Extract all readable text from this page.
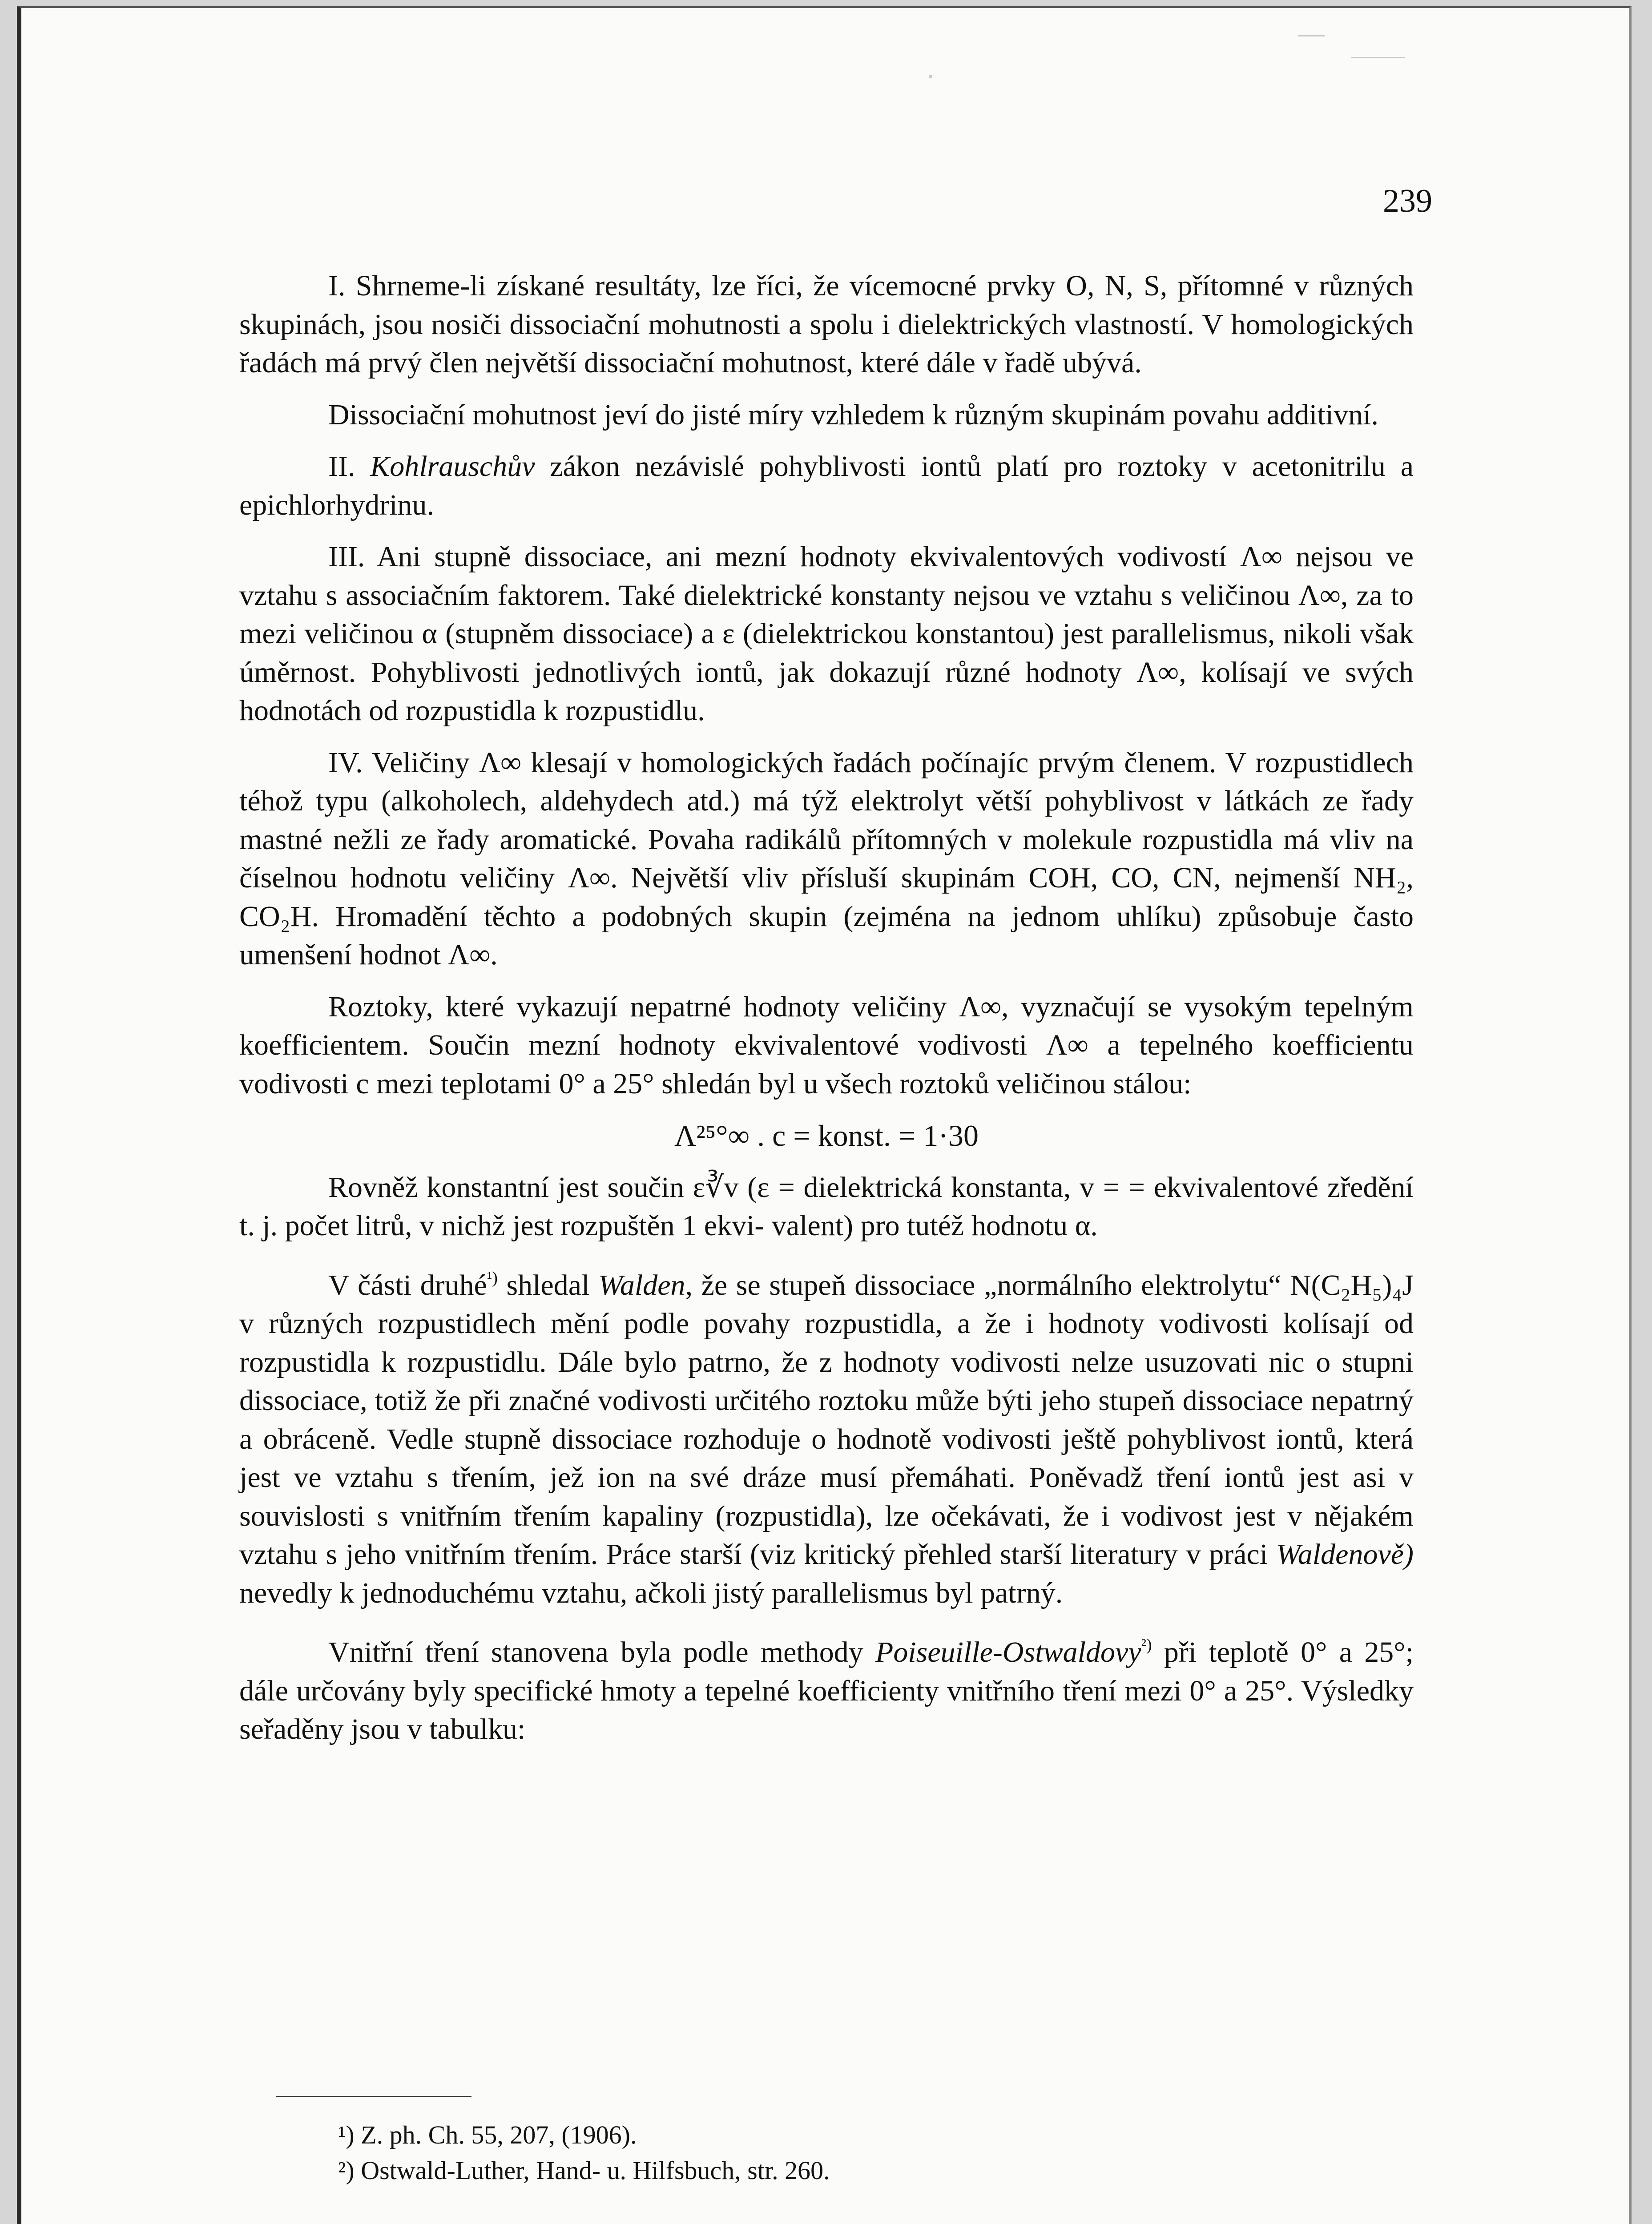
239

I. Shrneme-li získané resultáty, lze říci, že vícemocné prvky O, N, S, přítomné v různých skupinách, jsou nosiči dissociační mohutnosti a spolu i dielektrických vlastností. V homologických řadách má prvý člen největší dissociační mohutnost, které dále v řadě ubývá.

Dissociační mohutnost jeví do jisté míry vzhledem k různým skupinám povahu additivní.

II. Kohlrauschův zákon nezávislé pohyblivosti iontů platí pro roztoky v acetonitrilu a epichlorhydrinu.

III. Ani stupně dissociace, ani mezní hodnoty ekvivalentových vodivostí Λ∞ nejsou ve vztahu s associačním faktorem. Také dielektrické konstanty nejsou ve vztahu s veličinou Λ∞, za to mezi veličinou α (stupněm dissociace) a ε (dielektrickou konstantou) jest parallelismus, nikoli však úměrnost. Pohyblivosti jednotlivých iontů, jak dokazují různé hodnoty Λ∞, kolísají ve svých hodnotách od rozpustidla k rozpustidlu.

IV. Veličiny Λ∞ klesají v homologických řadách počínajíc prvým členem. V rozpustidlech téhož typu (alkoholech, aldehydech atd.) má týž elektrolyt větší pohyblivost v látkách ze řady mastné nežli ze řady aromatické. Povaha radikálů přítomných v molekule rozpustidla má vliv na číselnou hodnotu veličiny Λ∞. Největší vliv přísluší skupinám COH, CO, CN, nejmenší NH₂, CO₂H. Hromadění těchto a podobných skupin (zejména na jednom uhlíku) způsobuje často umenšení hodnot Λ∞.

Roztoky, které vykazují nepatrné hodnoty veličiny Λ∞, vyznačují se vysokým tepelným koefficientem. Součin mezní hodnoty ekvivalentové vodivosti Λ∞ a tepelného koefficientu vodivosti c mezi teplotami 0° a 25° shledán byl u všech roztoků veličinou stálou:

Λ²⁵°∞ . c = konst. = 1·30

Rovněž konstantní jest součin ε∛v (ε = dielektrická konstanta, v = = ekvivalentové zředění t. j. počet litrů, v nichž jest rozpuštěn 1 ekvi- valent) pro tutéž hodnotu α.

V části druhé$^{^1)}$ shledal Walden, že se stupeň dissociace „normálního elektrolytu“ N(C₂H₅)₄J v různých rozpustidlech mění podle povahy rozpustidla, a že i hodnoty vodivosti kolísají od rozpustidla k rozpustidlu. Dále bylo patrno, že z hodnoty vodivosti nelze usuzovati nic o stupni dissociace, totiž že při značné vodivosti určitého roztoku může býti jeho stupeň dissociace nepatrný a obráceně. Vedle stupně dissociace rozhoduje o hodnotě vodivosti ještě pohyblivost iontů, která jest ve vztahu s třením, jež ion na své dráze musí přemáhati. Poněvadž tření iontů jest asi v souvislosti s vnitřním třením kapaliny (rozpustidla), lze očekávati, že i vodivost jest v nějakém vztahu s jeho vnitřním třením. Práce starší (viz kritický přehled starší literatury v práci Waldenově) nevedly k jednoduchému vztahu, ačkoli jistý parallelismus byl patrný.

Vnitřní tření stanovena byla podle methody Poiseuille-Ostwaldovy$^{^2)}$ při teplotě 0° a 25°; dále určovány byly specifické hmoty a tepelné koefficienty vnitřního tření mezi 0° a 25°. Výsledky seřaděny jsou v tabulku:

¹) Z. ph. Ch. 55, 207, (1906).
²) Ostwald-Luther, Hand- u. Hilfsbuch, str. 260.
